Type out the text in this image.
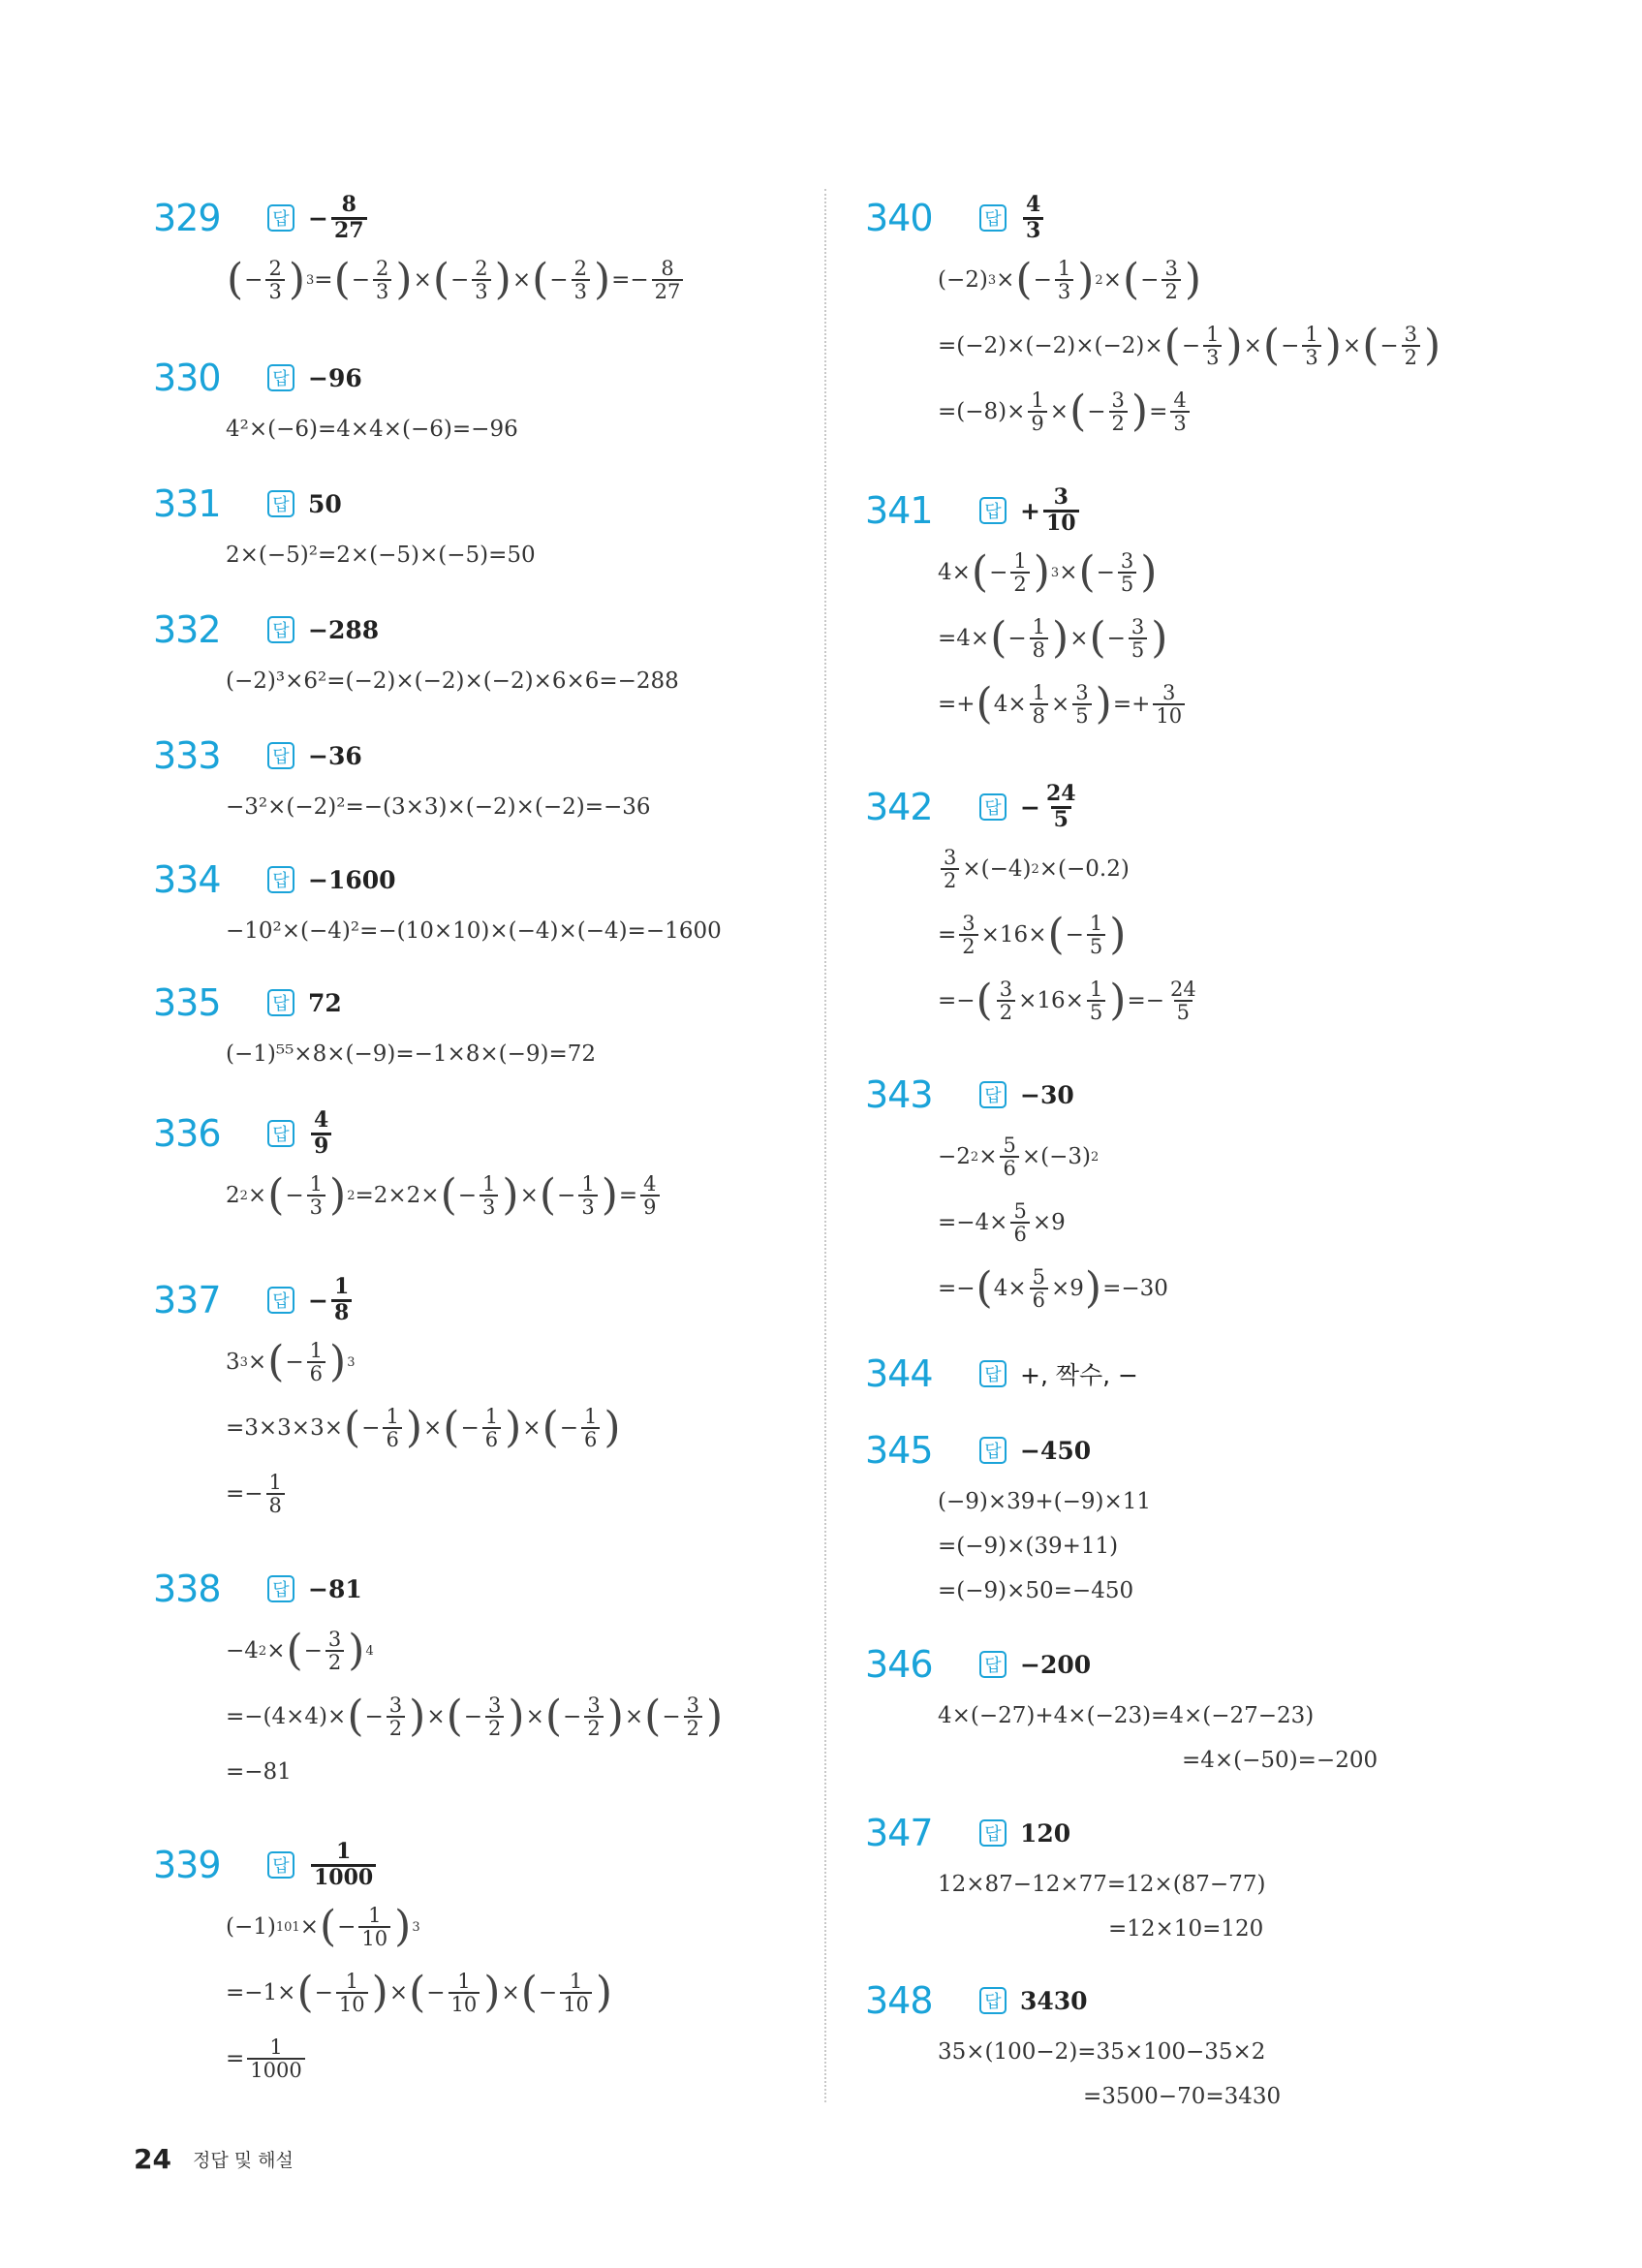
329	답 − $\frac{8}{27}$
( − $\frac{2}{3}$ ) 3 = ( − $\frac{2}{3}$ ) × ( − $\frac{2}{3}$ ) × ( − $\frac{2}{3}$ ) =− $\frac{8}{27}$
330	답 −96
4²×(−6)=4×4×(−6)=−96
331	답 50
2×(−5)²=2×(−5)×(−5)=50
332	답 −288
(−2)³×6²=(−2)×(−2)×(−2)×6×6=−288
333	답 −36
−3²×(−2)²=−(3×3)×(−2)×(−2)=−36
334	답 −1600
−10²×(−4)²=−(10×10)×(−4)×(−4)=−1600
335	답 72
(−1)⁵⁵×8×(−9)=−1×8×(−9)=72
336	답 $\frac{4}{9}$
2 2 × ( − $\frac{1}{3}$ ) 2 =2×2× ( − $\frac{1}{3}$ ) × ( − $\frac{1}{3}$ ) = $\frac{4}{9}$
337	답 − $\frac{1}{8}$
3 3 × ( − $\frac{1}{6}$ ) 3
=3×3×3× ( − $\frac{1}{6}$ ) × ( − $\frac{1}{6}$ ) × ( − $\frac{1}{6}$ )
=− $\frac{1}{8}$
338	답 −81
−4 2 × ( − $\frac{3}{2}$ ) 4
=−(4×4)× ( − $\frac{3}{2}$ ) × ( − $\frac{3}{2}$ ) × ( − $\frac{3}{2}$ ) × ( − $\frac{3}{2}$ )
=−81
339	답 $\frac{1}{1000}$
(−1) 101 × ( − $\frac{1}{10}$ ) 3
=−1× ( − $\frac{1}{10}$ ) × ( − $\frac{1}{10}$ ) × ( − $\frac{1}{10}$ )
= $\frac{1}{1000}$
340	답 $\frac{4}{3}$
(−2) 3 × ( − $\frac{1}{3}$ ) 2 × ( − $\frac{3}{2}$ )
=(−2)×(−2)×(−2)× ( − $\frac{1}{3}$ ) × ( − $\frac{1}{3}$ ) × ( − $\frac{3}{2}$ )
$=(-8)\times \frac{1}{9}$ × ( − $\frac{3}{2}$ ) = $\frac{4}{3}$
341	답 + $\frac{3}{10}$
4× ( − $\frac{1}{2}$ ) 3 × ( − $\frac{3}{5}$ )
=4× ( − $\frac{1}{8}$ ) × ( − $\frac{3}{5}$ )
=+ ( $4\times \frac{1}{8} \times \frac{3}{5}$ ) =+ $\frac{3}{10}$
342	답 − $\frac{24}{5}$
$\frac{3}{2} \times(-4)$ 2 ×(−0.2)
= $\frac{3}{2} \times 16\times$ ( − $\frac{1}{5}$ )
=− ( $\frac{3}{2} \times 16\times \frac{1}{5}$ ) =− $\frac{24}{5}$
343	답 −30
−2 $2 \times \frac{5}{6} \times(-3)$ 2
$=-4\times \frac{5}{6} \times 9$
=− ( $4\times \frac{5}{6} \times 9$ ) =−30
344	답 +, 짝수, −
345	답 −450
(−9)×39+(−9)×11
=(−9)×(39+11)
=(−9)×50=−450
346	답 −200
4×(−27)+4×(−23)=4×(−27−23)
=4×(−50)=−200
347	답 120
12×87−12×77=12×(87−77)
=12×10=120
348	답 3430
35×(100−2)=35×100−35×2
=3500−70=3430
24 정답 및 해설
